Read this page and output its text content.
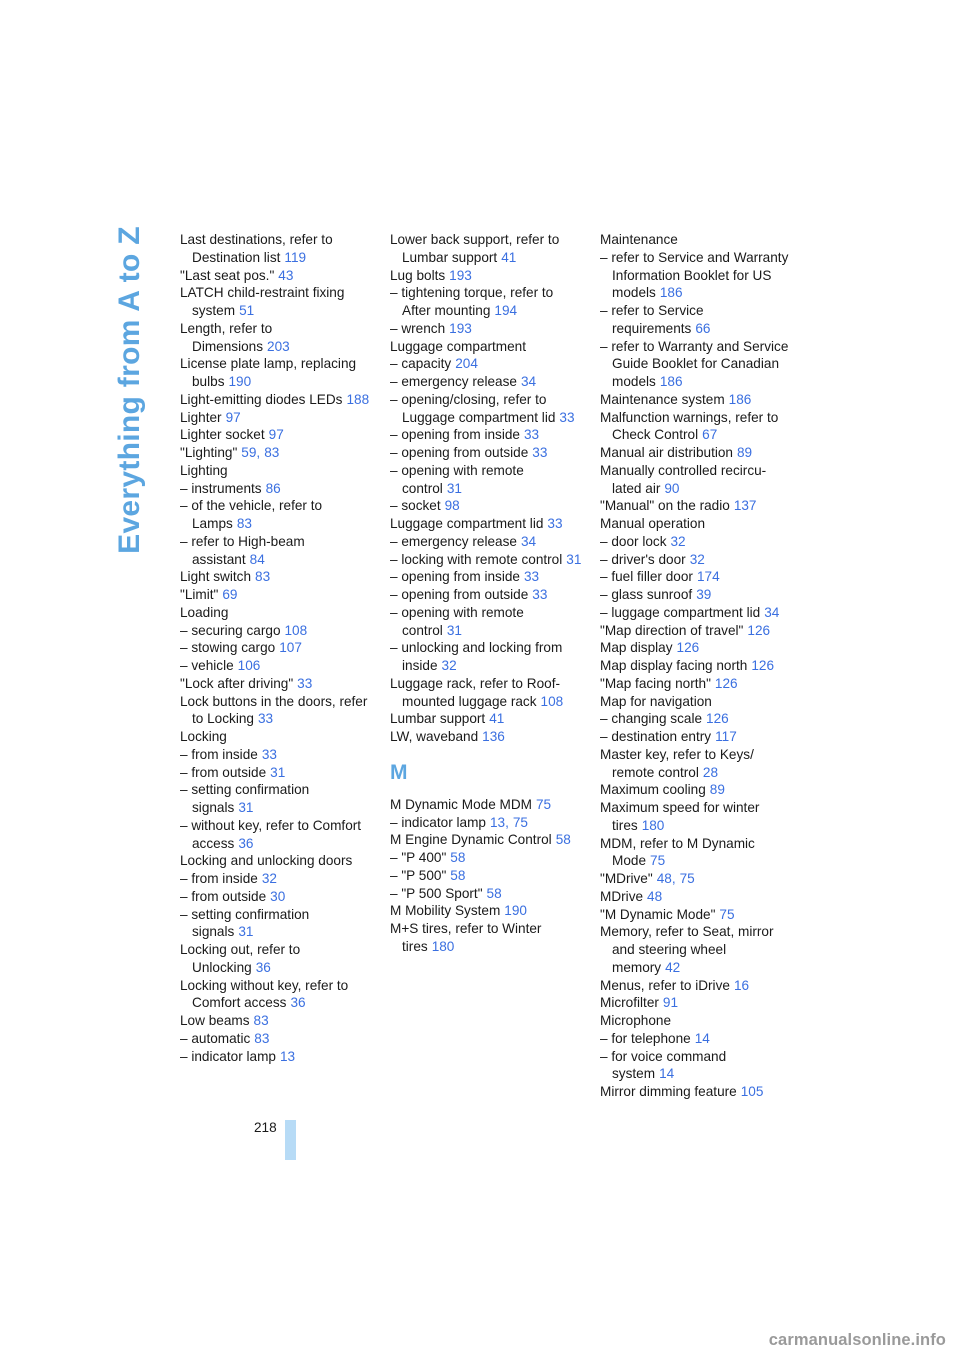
Everything from A to Z	Last destinations, refer to Destination list 119
"Last seat pos." 43
LATCH child-restraint fixing system 51
Length, refer to Dimensions 203
License plate lamp, replacing bulbs 190
Light-emitting diodes LEDs 188
Lighter 97
Lighter socket 97
"Lighting" 59, 83
Lighting
– instruments 86
– of the vehicle, refer to Lamps 83
– refer to High-beam assistant 84
Light switch 83
"Limit" 69
Loading
– securing cargo 108
– stowing cargo 107
– vehicle 106
"Lock after driving" 33
Lock buttons in the doors, refer to Locking 33
Locking
– from inside 33
– from outside 31
– setting confirmation signals 31
– without key, refer to Comfort access 36
Locking and unlocking doors
– from inside 32
– from outside 30
– setting confirmation signals 31
Locking out, refer to Unlocking 36
Locking without key, refer to Comfort access 36
Low beams 83
– automatic 83
– indicator lamp 13
Lower back support, refer to Lumbar support 41
Lug bolts 193
– tightening torque, refer to After mounting 194
– wrench 193
Luggage compartment
– capacity 204
– emergency release 34
– opening/closing, refer to Luggage compartment lid 33
– opening from inside 33
– opening from outside 33
– opening with remote control 31
– socket 98
Luggage compartment lid 33
– emergency release 34
– locking with remote control 31
– opening from inside 33
– opening from outside 33
– opening with remote control 31
– unlocking and locking from inside 32
Luggage rack, refer to Roof-mounted luggage rack 108
Lumbar support 41
LW, waveband 136
M
M Dynamic Mode MDM 75
– indicator lamp 13, 75
M Engine Dynamic Control 58
– "P 400" 58
– "P 500" 58
– "P 500 Sport" 58
M Mobility System 190
M+S tires, refer to Winter tires 180
Maintenance
– refer to Service and Warranty Information Booklet for US models 186
– refer to Service requirements 66
– refer to Warranty and Service Guide Booklet for Canadian models 186
Maintenance system 186
Malfunction warnings, refer to Check Control 67
Manual air distribution 89
Manually controlled recircu-lated air 90
"Manual" on the radio 137
Manual operation
– door lock 32
– driver's door 32
– fuel filler door 174
– glass sunroof 39
– luggage compartment lid 34
"Map direction of travel" 126
Map display 126
Map display facing north 126
"Map facing north" 126
Map for navigation
– changing scale 126
– destination entry 117
Master key, refer to Keys/ remote control 28
Maximum cooling 89
Maximum speed for winter tires 180
MDM, refer to M Dynamic Mode 75
"MDrive" 48, 75
MDrive 48
"M Dynamic Mode" 75
Memory, refer to Seat, mirror and steering wheel memory 42
Menus, refer to iDrive 16
Microfilter 91
Microphone
– for telephone 14
– for voice command system 14
Mirror dimming feature 105
218
carmanualsonline.info
